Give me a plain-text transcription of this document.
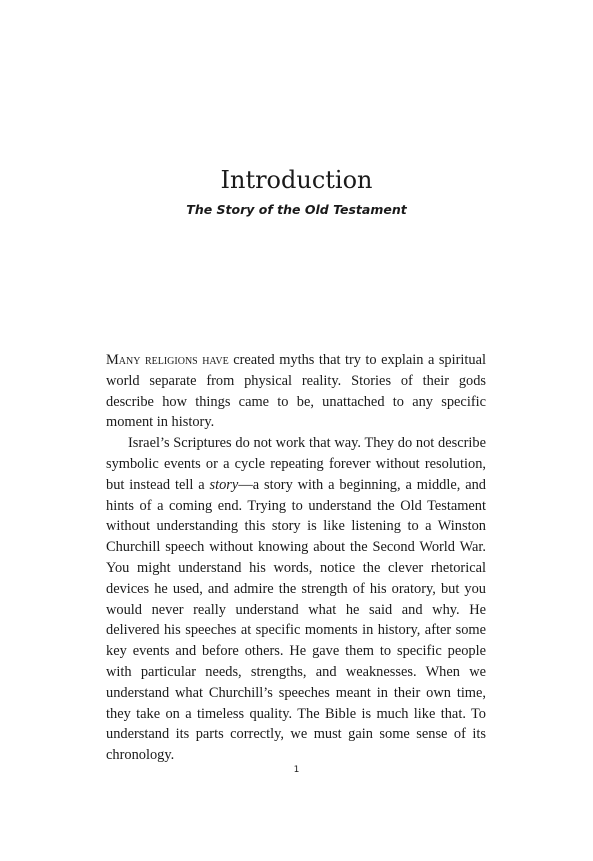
Introduction
The Story of the Old Testament

Many religions have created myths that try to explain a spiritual world separate from physical reality. Stories of their gods describe how things came to be, unattached to any specific moment in history.

Israel’s Scriptures do not work that way. They do not describe symbolic events or a cycle repeating forever without resolution, but instead tell a story—a story with a beginning, a middle, and hints of a coming end. Trying to understand the Old Testament without understanding this story is like listening to a Winston Churchill speech without knowing about the Second World War. You might understand his words, notice the clever rhetorical devices he used, and admire the strength of his oratory, but you would never really understand what he said and why. He delivered his speeches at specific moments in history, after some key events and before others. He gave them to specific people with particular needs, strengths, and weaknesses. When we understand what Churchill’s speeches meant in their own time, they take on a timeless quality. The Bible is much like that. To understand its parts correctly, we must gain some sense of its chronology.

1
